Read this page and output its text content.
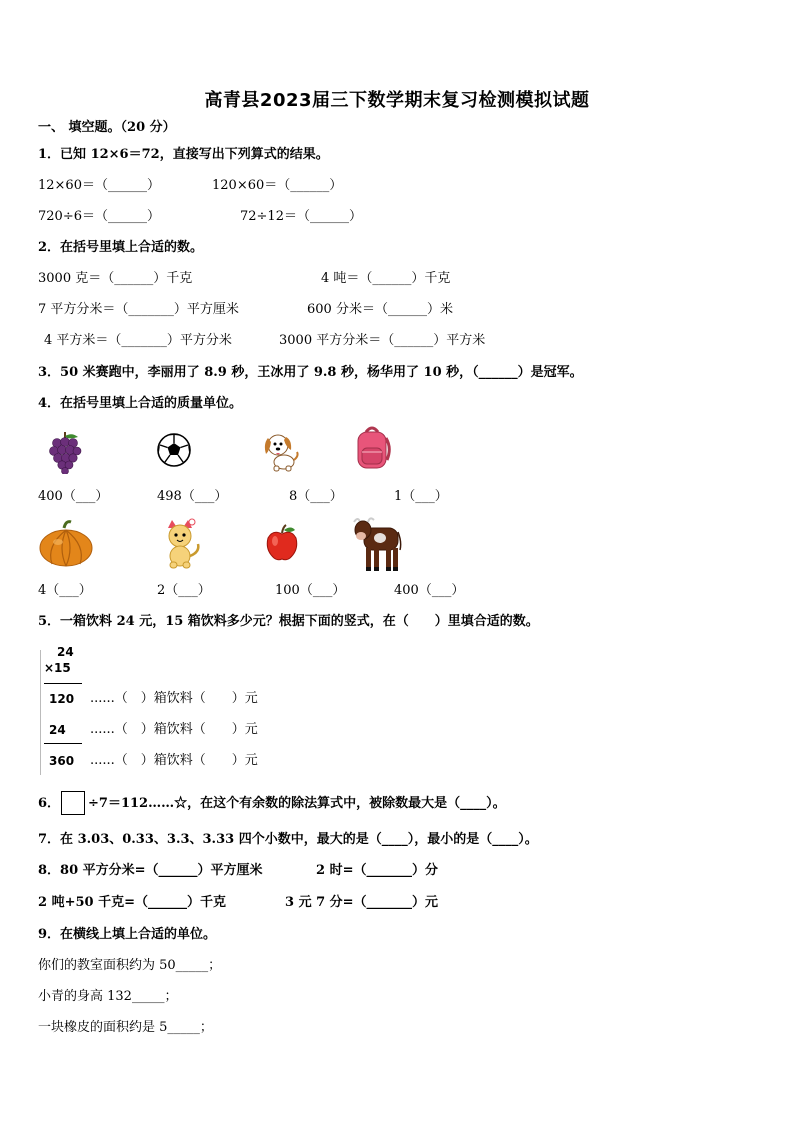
高青县2023届三下数学期末复习检测模拟试题
一、 填空题。（20 分）
1．已知 12×6＝72，直接写出下列算式的结果。
12×60＝（______）	120×60＝（______）
720÷6＝（______）	72÷12＝（______）
2．在括号里填上合适的数。
3000 克＝（______）千克	4 吨＝（______）千克
7 平方分米＝（_______）平方厘米	600 分米＝（______）米
4 平方米＝（_______）平方分米	3000 平方分米＝（______）平方米
3．50 米赛跑中，李丽用了 8.9 秒，王冰用了 9.8 秒，杨华用了 10 秒，（______）是冠军。
4．在括号里填上合适的质量单位。
400（___）	498（___）	8（___）	1（___）
4（___）	2（___）	100（___）	400（___）
5．一箱饮料 24 元，15 箱饮料多少元？根据下面的竖式，在（　　）里填合适的数。
24
×15
120 ......（　）箱饮料（　　）元
24 ......（　）箱饮料（　　）元
360 ......（　）箱饮料（　　）元
6． ÷7＝112……☆，在这个有余数的除法算式中，被除数最大是（____）。
7．在 3.03、0.33、3.3、3.33 四个小数中，最大的是（____），最小的是（____）。
8．80 平方分米=（______）平方厘米	2 时=（_______）分
2 吨+50 千克=（______）千克	3 元 7 分=（_______）元
9．在横线上填上合适的单位。
你们的教室面积约为 50_____；
小青的身高 132_____；
一块橡皮的面积约是 5_____；
